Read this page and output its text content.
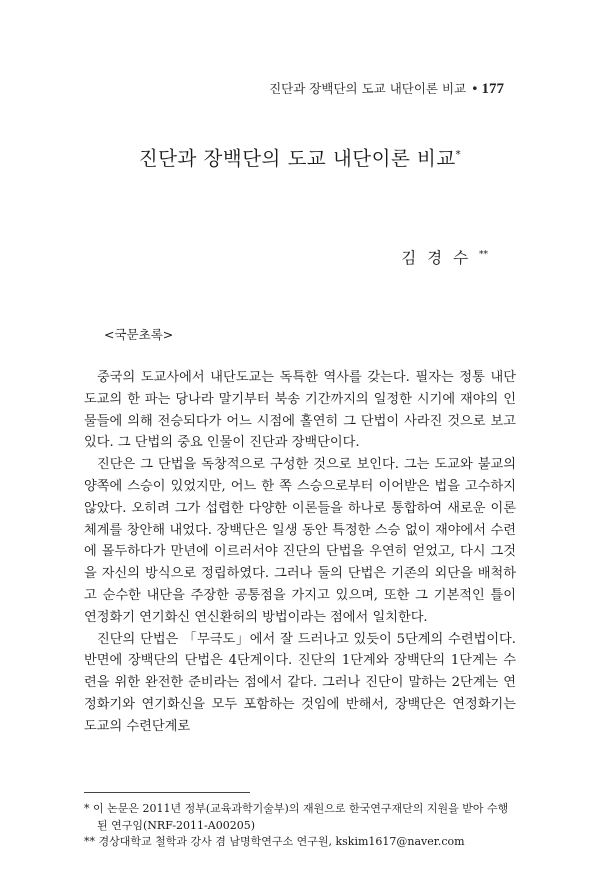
진단과 장백단의 도교 내단이론 비교 • 177
진단과 장백단의 도교 내단이론 비교*
김 경 수 **
<국문초록>

중국의 도교사에서 내단도교는 독특한 역사를 갖는다. 필자는 정통 내단도교의 한 파는 당나라 말기부터 북송 기간까지의 일정한 시기에 재야의 인물들에 의해 전승되다가 어느 시점에 홀연히 그 단법이 사라진 것으로 보고 있다. 그 단법의 중요 인물이 진단과 장백단이다.

진단은 그 단법을 독창적으로 구성한 것으로 보인다. 그는 도교와 불교의 양쪽에 스승이 있었지만, 어느 한 쪽 스승으로부터 이어받은 법을 고수하지 않았다. 오히려 그가 섭렵한 다양한 이론들을 하나로 통합하여 새로운 이론체계를 창안해 내었다. 장백단은 일생 동안 특정한 스승 없이 재야에서 수련에 몰두하다가 만년에 이르러서야 진단의 단법을 우연히 얻었고, 다시 그것을 자신의 방식으로 정립하였다. 그러나 둘의 단법은 기존의 외단을 배척하고 순수한 내단을 주장한 공통점을 가지고 있으며, 또한 그 기본적인 틀이 연정화기 연기화신 연신환허의 방법이라는 점에서 일치한다.

진단의 단법은 「무극도」에서 잘 드러나고 있듯이 5단계의 수련법이다. 반면에 장백단의 단법은 4단계이다. 진단의 1단계와 장백단의 1단계는 수련을 위한 완전한 준비라는 점에서 같다. 그러나 진단이 말하는 2단계는 연정화기와 연기화신을 모두 포함하는 것임에 반해서, 장백단은 연정화기는 도교의 수련단계로

* 이 논문은 2011년 정부(교육과학기술부)의 재원으로 한국연구재단의 지원을 받아 수행된 연구임(NRF-2011-A00205)
** 경상대학교 철학과 강사 겸 남명학연구소 연구원, kskim1617@naver.com
